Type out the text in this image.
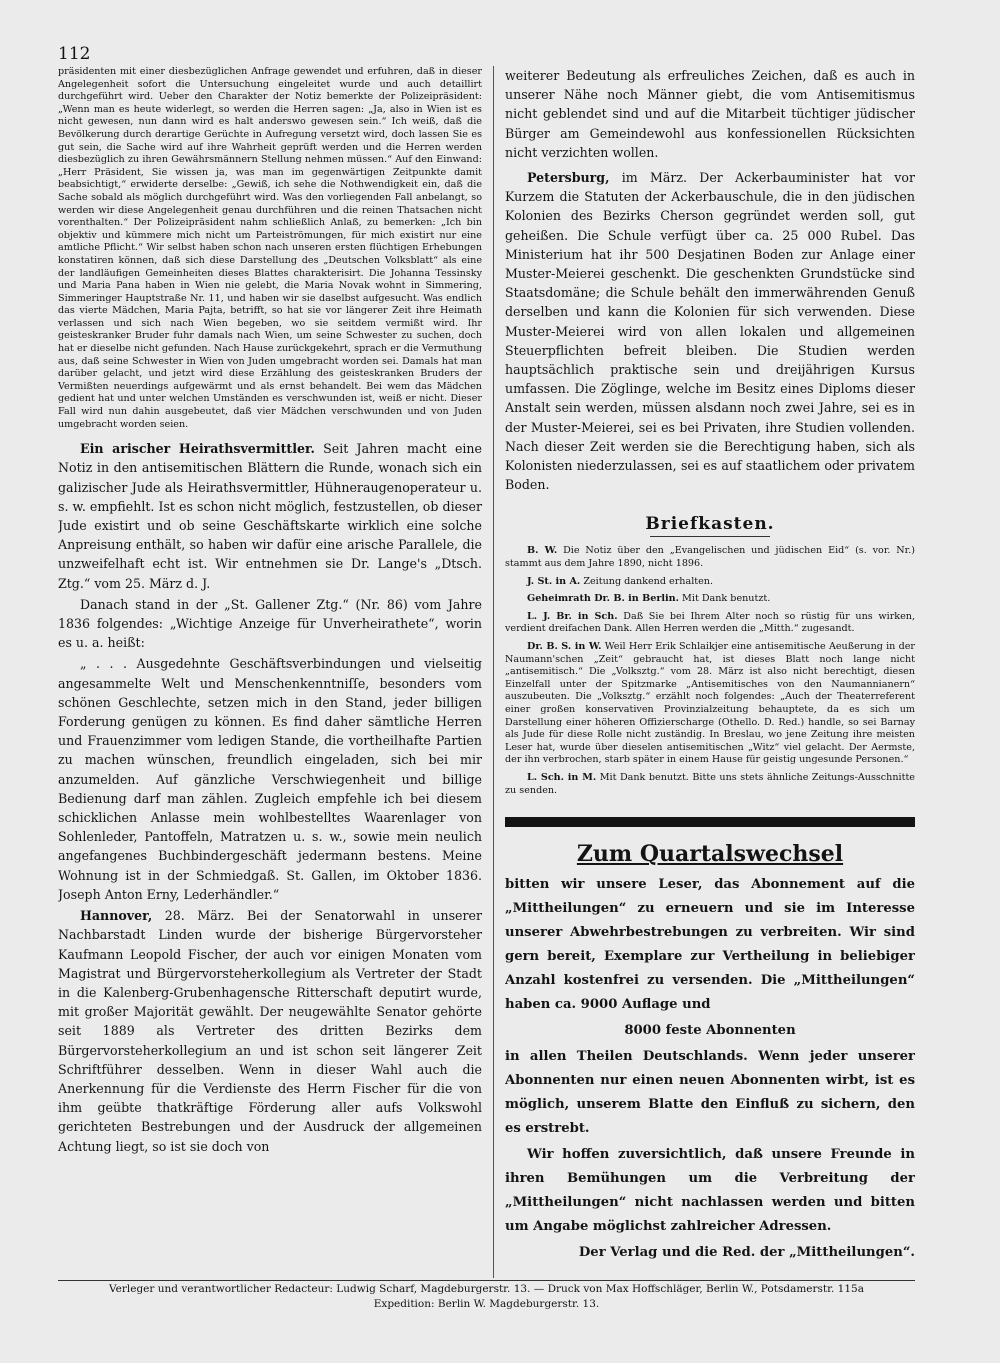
112

präsidenten mit einer diesbezüglichen Anfrage gewendet und erfuhren, daß in dieser Angelegenheit sofort die Untersuchung eingeleitet wurde und auch detaillirt durchgeführt wird. Ueber den Charakter der Notiz bemerkte der Polizeipräsident: „Wenn man es heute widerlegt, so werden die Herren sagen: „Ja, also in Wien ist es nicht gewesen, nun dann wird es halt anderswo gewesen sein.“ Ich weiß, daß die Bevölkerung durch derartige Gerüchte in Aufregung versetzt wird, doch lassen Sie es gut sein, die Sache wird auf ihre Wahrheit geprüft werden und die Herren werden diesbezüglich zu ihren Gewährsmännern Stellung nehmen müssen.“ Auf den Einwand: „Herr Präsident, Sie wissen ja, was man im gegenwärtigen Zeitpunkte damit beabsichtigt,“ erwiderte derselbe: „Gewiß, ich sehe die Nothwendigkeit ein, daß die Sache sobald als möglich durchgeführt wird. Was den vorliegenden Fall anbelangt, so werden wir diese Angelegenheit genau durchführen und die reinen Thatsachen nicht vorenthalten.“ Der Polizeipräsident nahm schließlich Anlaß, zu bemerken: „Ich bin objektiv und kümmere mich nicht um Parteiströmungen, für mich existirt nur eine amtliche Pflicht.“ Wir selbst haben schon nach unseren ersten flüchtigen Erhebungen konstatiren können, daß sich diese Darstellung des „Deutschen Volksblatt“ als eine der landläufigen Gemeinheiten dieses Blattes charakterisirt. Die Johanna Tessinsky und Maria Pana haben in Wien nie gelebt, die Maria Novak wohnt in Simmering, Simmeringer Hauptstraße Nr. 11, und haben wir sie daselbst aufgesucht. Was endlich das vierte Mädchen, Maria Pajta, betrifft, so hat sie vor längerer Zeit ihre Heimath verlassen und sich nach Wien begeben, wo sie seitdem vermißt wird. Ihr geisteskranker Bruder fuhr damals nach Wien, um seine Schwester zu suchen, doch hat er dieselbe nicht gefunden. Nach Hause zurückgekehrt, sprach er die Vermuthung aus, daß seine Schwester in Wien von Juden umgebracht worden sei. Damals hat man darüber gelacht, und jetzt wird diese Erzählung des geisteskranken Bruders der Vermißten neuerdings aufgewärmt und als ernst behandelt. Bei wem das Mädchen gedient hat und unter welchen Umständen es verschwunden ist, weiß er nicht. Dieser Fall wird nun dahin ausgebeutet, daß vier Mädchen verschwunden und von Juden umgebracht worden seien.

Ein arischer Heirathsvermittler. Seit Jahren macht eine Notiz in den antisemitischen Blättern die Runde, wonach sich ein galizischer Jude als Heirathsvermittler, Hühneraugenoperateur u. s. w. empfiehlt. Ist es schon nicht möglich, festzustellen, ob dieser Jude existirt und ob seine Geschäftskarte wirklich eine solche Anpreisung enthält, so haben wir dafür eine arische Parallele, die unzweifelhaft echt ist. Wir entnehmen sie Dr. Lange's „Dtsch. Ztg.“ vom 25. März d. J.

Danach stand in der „St. Gallener Ztg.“ (Nr. 86) vom Jahre 1836 folgendes: „Wichtige Anzeige für Unverheirathete“, worin es u. a. heißt:

„ . . . Ausgedehnte Geschäftsverbindungen und vielseitig angesammelte Welt und Menschenkenntniſſe, besonders vom schönen Geschlechte, setzen mich in den Stand, jeder billigen Forderung genügen zu können. Es find daher sämtliche Herren und Frauenzimmer vom ledigen Stande, die vortheilhafte Partien zu machen wünschen, freundlich eingeladen, sich bei mir anzumelden. Auf gänzliche Verschwiegenheit und billige Bedienung darf man zählen. Zugleich empfehle ich bei diesem schicklichen Anlasse mein wohlbestelltes Waarenlager von Sohlenleder, Pantoffeln, Matratzen u. s. w., sowie mein neulich angefangenes Buchbindergeschäft jedermann bestens. Meine Wohnung ist in der Schmiedgaß. St. Gallen, im Oktober 1836. Joseph Anton Erny, Lederhändler.“

Hannover, 28. März. Bei der Senatorwahl in unserer Nachbarstadt Linden wurde der bisherige Bürgervorsteher Kaufmann Leopold Fischer, der auch vor einigen Monaten vom Magistrat und Bürgervorsteherkollegium als Vertreter der Stadt in die Kalenberg-Grubenhagensche Ritterschaft deputirt wurde, mit großer Majorität gewählt. Der neugewählte Senator gehörte seit 1889 als Vertreter des dritten Bezirks dem Bürgervorsteherkollegium an und ist schon seit längerer Zeit Schriftführer desselben. Wenn in dieser Wahl auch die Anerkennung für die Verdienste des Herrn Fischer für die von ihm geübte thatkräftige Förderung aller aufs Volkswohl gerichteten Bestrebungen und der Ausdruck der allgemeinen Achtung liegt, so ist sie doch von

weiterer Bedeutung als erfreuliches Zeichen, daß es auch in unserer Nähe noch Männer giebt, die vom Antisemitismus nicht geblendet sind und auf die Mitarbeit tüchtiger jüdischer Bürger am Gemeindewohl aus konfessionellen Rücksichten nicht verzichten wollen.

Petersburg, im März. Der Ackerbauminister hat vor Kurzem die Statuten der Ackerbauschule, die in den jüdischen Kolonien des Bezirks Cherson gegründet werden soll, gut geheißen. Die Schule verfügt über ca. 25 000 Rubel. Das Ministerium hat ihr 500 Desjatinen Boden zur Anlage einer Muster-Meierei geschenkt. Die geschenkten Grundstücke sind Staatsdomäne; die Schule behält den immerwährenden Genuß derselben und kann die Kolonien für sich verwenden. Diese Muster-Meierei wird von allen lokalen und allgemeinen Steuerpflichten befreit bleiben. Die Studien werden hauptsächlich praktische sein und dreijährigen Kursus umfassen. Die Zöglinge, welche im Besitz eines Diploms dieser Anstalt sein werden, müssen alsdann noch zwei Jahre, sei es in der Muster-Meierei, sei es bei Privaten, ihre Studien vollenden. Nach dieser Zeit werden sie die Berechtigung haben, sich als Kolonisten niederzulassen, sei es auf staatlichem oder privatem Boden.

Briefkasten.

B. W. Die Notiz über den „Evangelischen und jüdischen Eid“ (s. vor. Nr.) stammt aus dem Jahre 1890, nicht 1896.

J. St. in A. Zeitung dankend erhalten.

Geheimrath Dr. B. in Berlin. Mit Dank benutzt.

L. J. Br. in Sch. Daß Sie bei Ihrem Alter noch so rüstig für uns wirken, verdient dreifachen Dank. Allen Herren werden die „Mitth.“ zugesandt.

Dr. B. S. in W. Weil Herr Erik Schlaikjer eine antisemitische Aeußerung in der Naumann'schen „Zeit“ gebraucht hat, ist dieses Blatt noch lange nicht „antisemitisch.“ Die „Volksztg.“ vom 28. März ist also nicht berechtigt, diesen Einzelfall unter der Spitzmarke „Antisemitisches von den Naumannianern“ auszubeuten. Die „Volksztg.“ erzählt noch folgendes: „Auch der Theaterreferent einer großen konservativen Provinzialzeitung behauptete, da es sich um Darstellung einer höheren Offizierscharge (Othello. D. Red.) handle, so sei Barnay als Jude für diese Rolle nicht zuständig. In Breslau, wo jene Zeitung ihre meisten Leser hat, wurde über dieselen antisemitischen „Witz“ viel gelacht. Der Aermste, der ihn verbrochen, starb später in einem Hause für geistig ungesunde Personen.“

L. Sch. in M. Mit Dank benutzt. Bitte uns stets ähnliche Zeitungs-Ausschnitte zu senden.

Zum Quartalswechsel

bitten wir unsere Leser, das Abonnement auf die „Mittheilungen“ zu erneuern und sie im Interesse unserer Abwehrbestrebungen zu verbreiten. Wir sind gern bereit, Exemplare zur Vertheilung in beliebiger Anzahl kostenfrei zu versenden. Die „Mittheilungen“ haben ca. 9000 Auflage und

8000 feste Abonnenten

in allen Theilen Deutschlands. Wenn jeder unserer Abonnenten nur einen neuen Abonnenten wirbt, ist es möglich, unserem Blatte den Einfluß zu sichern, den es erstrebt.

Wir hoffen zuversichtlich, daß unsere Freunde in ihren Bemühungen um die Verbreitung der „Mittheilungen“ nicht nachlassen werden und bitten um Angabe möglichst zahlreicher Adressen.

Der Verlag und die Red. der „Mittheilungen“.

Verleger und verantwortlicher Redacteur: Ludwig Scharf, Magdeburgerstr. 13. — Druck von Max Hoffschläger, Berlin W., Potsdamerstr. 115a
Expedition: Berlin W. Magdeburgerstr. 13.
